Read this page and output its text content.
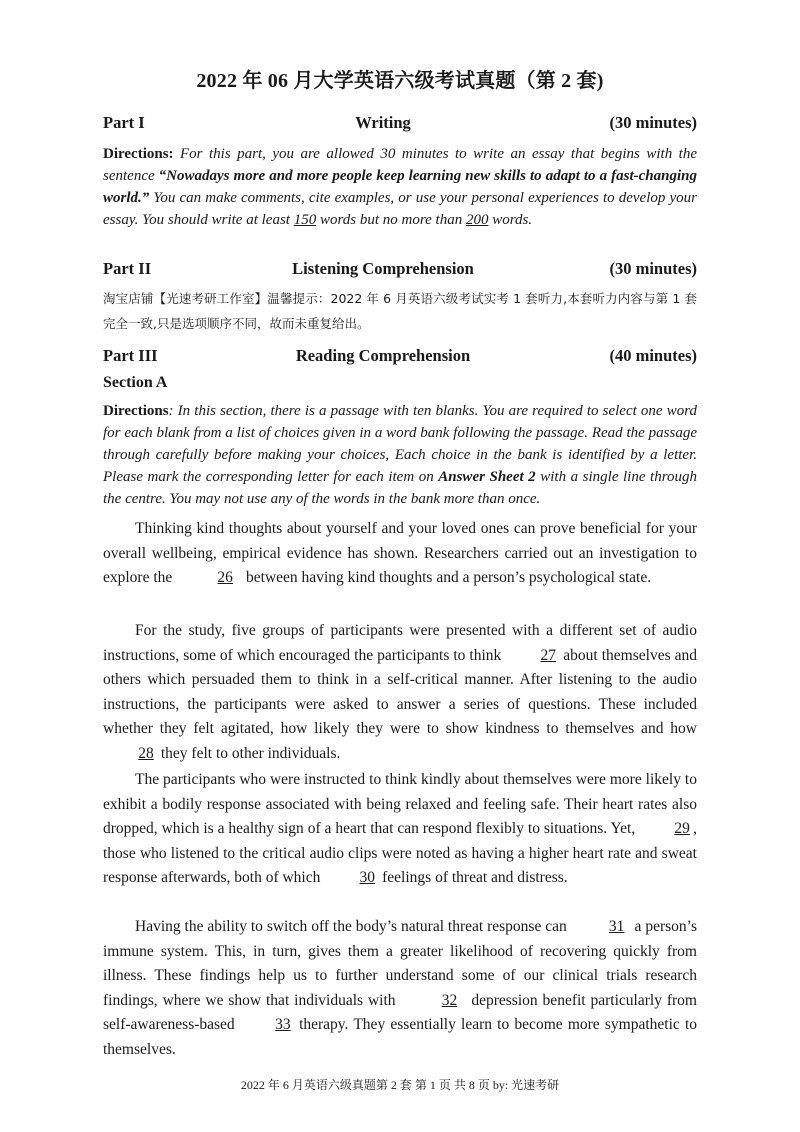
2022 年 06 月大学英语六级考试真题（第 2 套)
Part I	Writing	(30 minutes)
Directions: For this part, you are allowed 30 minutes to write an essay that begins with the sentence “Nowadays more and more people keep learning new skills to adapt to a fast-changing world.” You can make comments, cite examples, or use your personal experiences to develop your essay. You should write at least 150 words but no more than 200 words.
Part II	Listening Comprehension	(30 minutes)
淘宝店铺【光速考研工作室】温馨提示：2022 年 6 月英语六级考试实考 1 套听力,本套听力内容与第 1 套完全一致,只是选项顺序不同，故而未重复给出。
Part III	Reading Comprehension	(40 minutes)
Section A
Directions: In this section, there is a passage with ten blanks. You are required to select one word for each blank from a list of choices given in a word bank following the passage. Read the passage through carefully before making your choices, Each choice in the bank is identified by a letter. Please mark the corresponding letter for each item on Answer Sheet 2 with a single line through the centre. You may not use any of the words in the bank more than once.
Thinking kind thoughts about yourself and your loved ones can prove beneficial for your overall wellbeing, empirical evidence has shown. Researchers carried out an investigation to explore the	26 between having kind thoughts and a person’s psychological state.
For the study, five groups of participants were presented with a different set of audio instructions, some of which encouraged the participants to think 27 about themselves and others which persuaded them to think in a self-critical manner. After listening to the audio instructions, the participants were asked to answer a series of questions. These included whether they felt agitated, how likely they were to show kindness to themselves and how 28 they felt to other individuals.
The participants who were instructed to think kindly about themselves were more likely to exhibit a bodily response associated with being relaxed and feeling safe. Their heart rates also dropped, which is a healthy sign of a heart that can respond flexibly to situations. Yet, 29 , those who listened to the critical audio clips were noted as having a higher heart rate and sweat response afterwards, both of which 30 feelings of threat and distress.
Having the ability to switch off the body’s natural threat response can 31 a person’s immune system. This, in turn, gives them a greater likelihood of recovering quickly from illness. These findings help us to further understand some of our clinical trials research findings, where we show that individuals with	32 depression benefit particularly from self-awareness-based 33 therapy. They essentially learn to become more sympathetic to themselves.
2022 年 6 月英语六级真题第 2 套 第 1 页 共 8 页 by: 光速考研
